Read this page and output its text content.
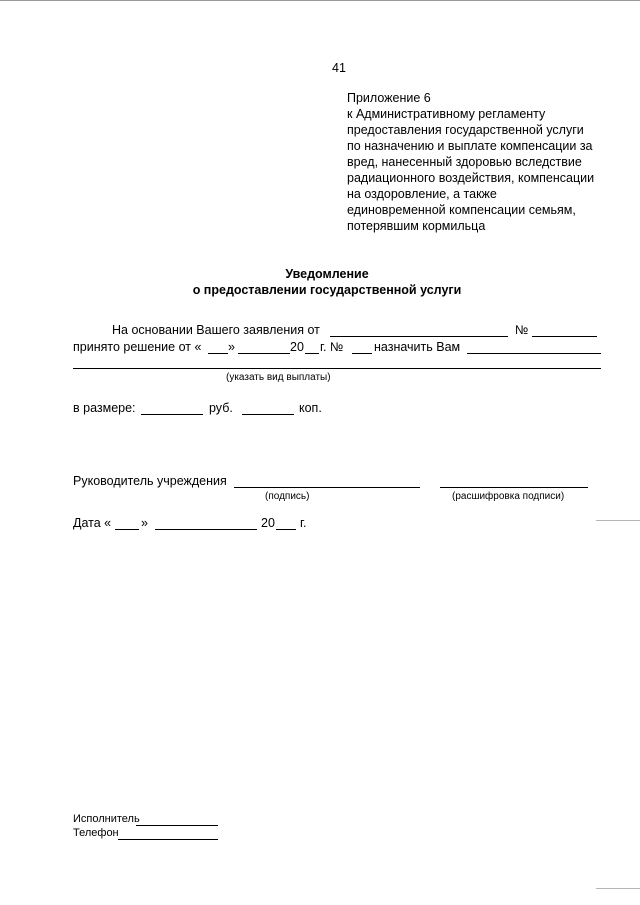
41
Приложение 6
к Административному регламенту
предоставления государственной услуги
по назначению и выплате компенсации за
вред, нанесенный здоровью вследствие
радиационного воздействия, компенсации
на оздоровление, а также
единовременной компенсации семьям,
потерявшим кормильца
Уведомление
о предоставлении государственной услуги
На основании Вашего заявления от	№
принято решение от « »	20 г. № назначить Вам
(указать вид выплаты)
в размере:	руб.	коп.
Руководитель учреждения
(подпись)	(расшифровка подписи)
Дата « »	20 г.
Исполнитель
Телефон
